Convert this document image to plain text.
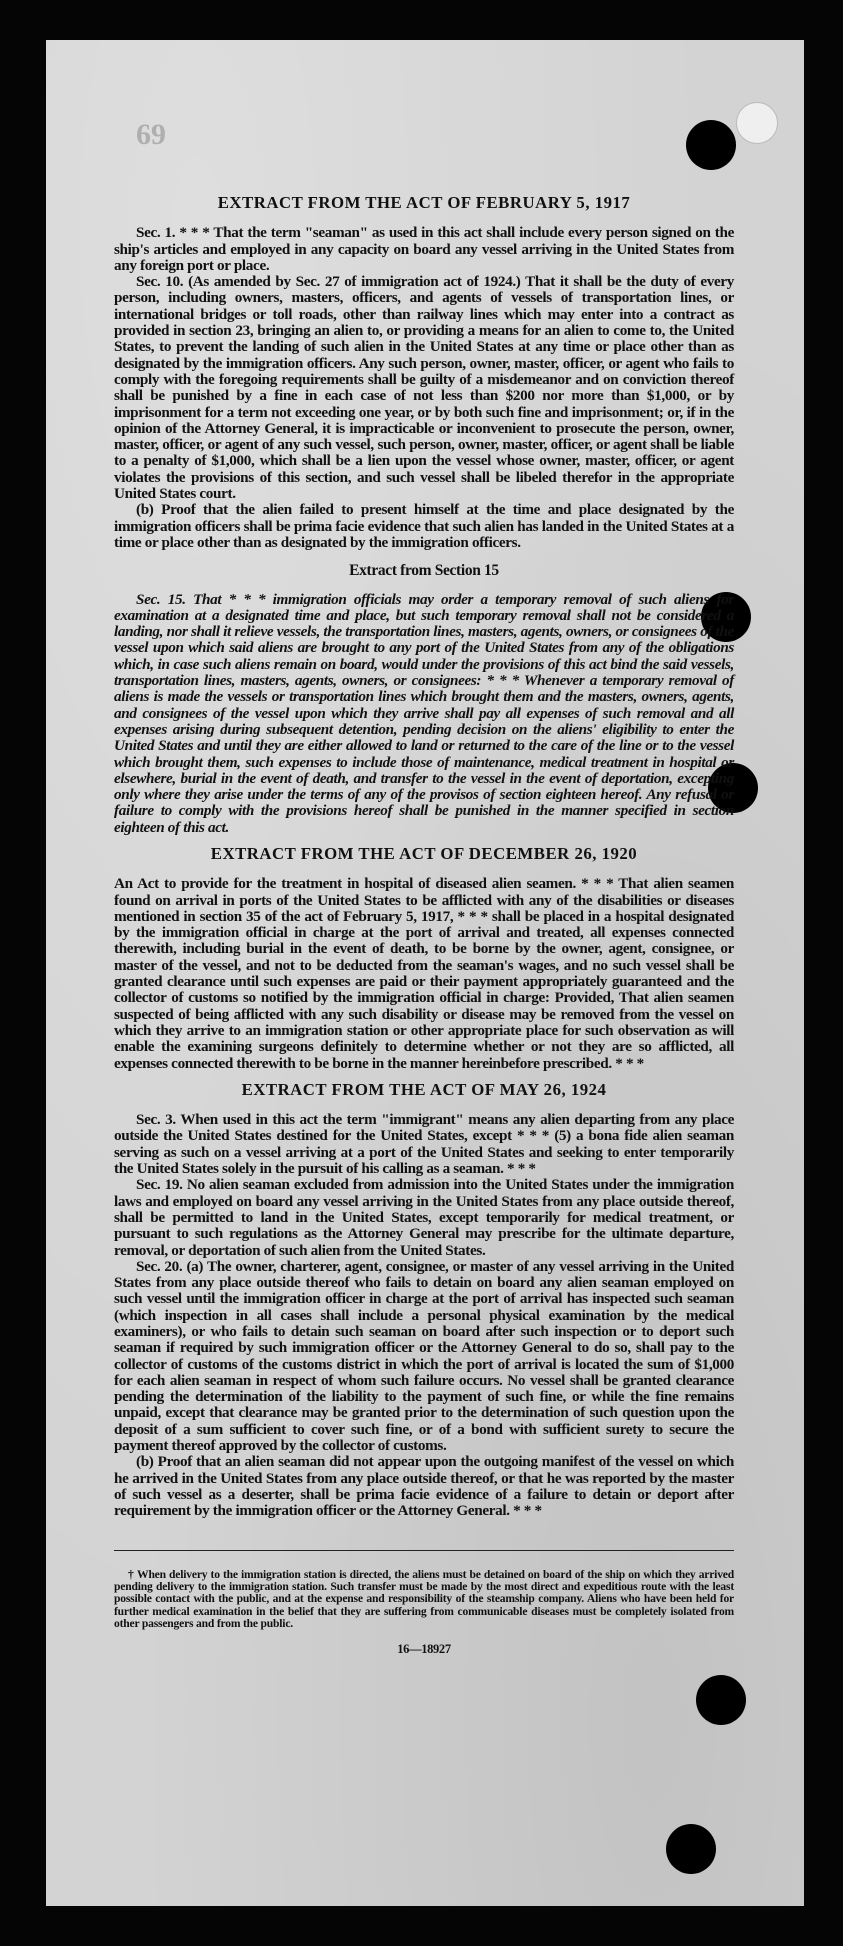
69
EXTRACT FROM THE ACT OF FEBRUARY 5, 1917

Sec. 1. * * * That the term "seaman" as used in this act shall include every person signed on the ship's articles and employed in any capacity on board any vessel arriving in the United States from any foreign port or place.

Sec. 10. (As amended by Sec. 27 of immigration act of 1924.) That it shall be the duty of every person, including owners, masters, officers, and agents of vessels of transportation lines, or international bridges or toll roads, other than railway lines which may enter into a contract as provided in section 23, bringing an alien to, or providing a means for an alien to come to, the United States, to prevent the landing of such alien in the United States at any time or place other than as designated by the immigration officers. Any such person, owner, master, officer, or agent who fails to comply with the foregoing requirements shall be guilty of a misdemeanor and on conviction thereof shall be punished by a fine in each case of not less than $200 nor more than $1,000, or by imprisonment for a term not exceeding one year, or by both such fine and imprisonment; or, if in the opinion of the Attorney General, it is impracticable or inconvenient to prosecute the person, owner, master, officer, or agent of any such vessel, such person, owner, master, officer, or agent shall be liable to a penalty of $1,000, which shall be a lien upon the vessel whose owner, master, officer, or agent violates the provisions of this section, and such vessel shall be libeled therefor in the appropriate United States court.

(b) Proof that the alien failed to present himself at the time and place designated by the immigration officers shall be prima facie evidence that such alien has landed in the United States at a time or place other than as designated by the immigration officers.

Extract from Section 15

Sec. 15. That * * * immigration officials may order a temporary removal of such aliens for examination at a designated time and place, but such temporary removal shall not be considered a landing, nor shall it relieve vessels, the transportation lines, masters, agents, owners, or consignees of the vessel upon which said aliens are brought to any port of the United States from any of the obligations which, in case such aliens remain on board, would under the provisions of this act bind the said vessels, transportation lines, masters, agents, owners, or consignees: * * * Whenever a temporary removal of aliens is made the vessels or transportation lines which brought them and the masters, owners, agents, and consignees of the vessel upon which they arrive shall pay all expenses of such removal and all expenses arising during subsequent detention, pending decision on the aliens' eligibility to enter the United States and until they are either allowed to land or returned to the care of the line or to the vessel which brought them, such expenses to include those of maintenance, medical treatment in hospital or elsewhere, burial in the event of death, and transfer to the vessel in the event of deportation, excepting only where they arise under the terms of any of the provisos of section eighteen hereof. Any refusal or failure to comply with the provisions hereof shall be punished in the manner specified in section eighteen of this act.

EXTRACT FROM THE ACT OF DECEMBER 26, 1920

An Act to provide for the treatment in hospital of diseased alien seamen. * * * That alien seamen found on arrival in ports of the United States to be afflicted with any of the disabilities or diseases mentioned in section 35 of the act of February 5, 1917, * * * shall be placed in a hospital designated by the immigration official in charge at the port of arrival and treated, all expenses connected therewith, including burial in the event of death, to be borne by the owner, agent, consignee, or master of the vessel, and not to be deducted from the seaman's wages, and no such vessel shall be granted clearance until such expenses are paid or their payment appropriately guaranteed and the collector of customs so notified by the immigration official in charge: Provided, That alien seamen suspected of being afflicted with any such disability or disease may be removed from the vessel on which they arrive to an immigration station or other appropriate place for such observation as will enable the examining surgeons definitely to determine whether or not they are so afflicted, all expenses connected therewith to be borne in the manner hereinbefore prescribed. * * *

EXTRACT FROM THE ACT OF MAY 26, 1924

Sec. 3. When used in this act the term "immigrant" means any alien departing from any place outside the United States destined for the United States, except * * * (5) a bona fide alien seaman serving as such on a vessel arriving at a port of the United States and seeking to enter temporarily the United States solely in the pursuit of his calling as a seaman. * * *

Sec. 19. No alien seaman excluded from admission into the United States under the immigration laws and employed on board any vessel arriving in the United States from any place outside thereof, shall be permitted to land in the United States, except temporarily for medical treatment, or pursuant to such regulations as the Attorney General may prescribe for the ultimate departure, removal, or deportation of such alien from the United States.

Sec. 20. (a) The owner, charterer, agent, consignee, or master of any vessel arriving in the United States from any place outside thereof who fails to detain on board any alien seaman employed on such vessel until the immigration officer in charge at the port of arrival has inspected such seaman (which inspection in all cases shall include a personal physical examination by the medical examiners), or who fails to detain such seaman on board after such inspection or to deport such seaman if required by such immigration officer or the Attorney General to do so, shall pay to the collector of customs of the customs district in which the port of arrival is located the sum of $1,000 for each alien seaman in respect of whom such failure occurs. No vessel shall be granted clearance pending the determination of the liability to the payment of such fine, or while the fine remains unpaid, except that clearance may be granted prior to the determination of such question upon the deposit of a sum sufficient to cover such fine, or of a bond with sufficient surety to secure the payment thereof approved by the collector of customs.

(b) Proof that an alien seaman did not appear upon the outgoing manifest of the vessel on which he arrived in the United States from any place outside thereof, or that he was reported by the master of such vessel as a deserter, shall be prima facie evidence of a failure to detain or deport after requirement by the immigration officer or the Attorney General. * * *

† When delivery to the immigration station is directed, the aliens must be detained on board of the ship on which they arrived pending delivery to the immigration station. Such transfer must be made by the most direct and expeditious route with the least possible contact with the public, and at the expense and responsibility of the steamship company. Aliens who have been held for further medical examination in the belief that they are suffering from communicable diseases must be completely isolated from other passengers and from the public.

16—18927
